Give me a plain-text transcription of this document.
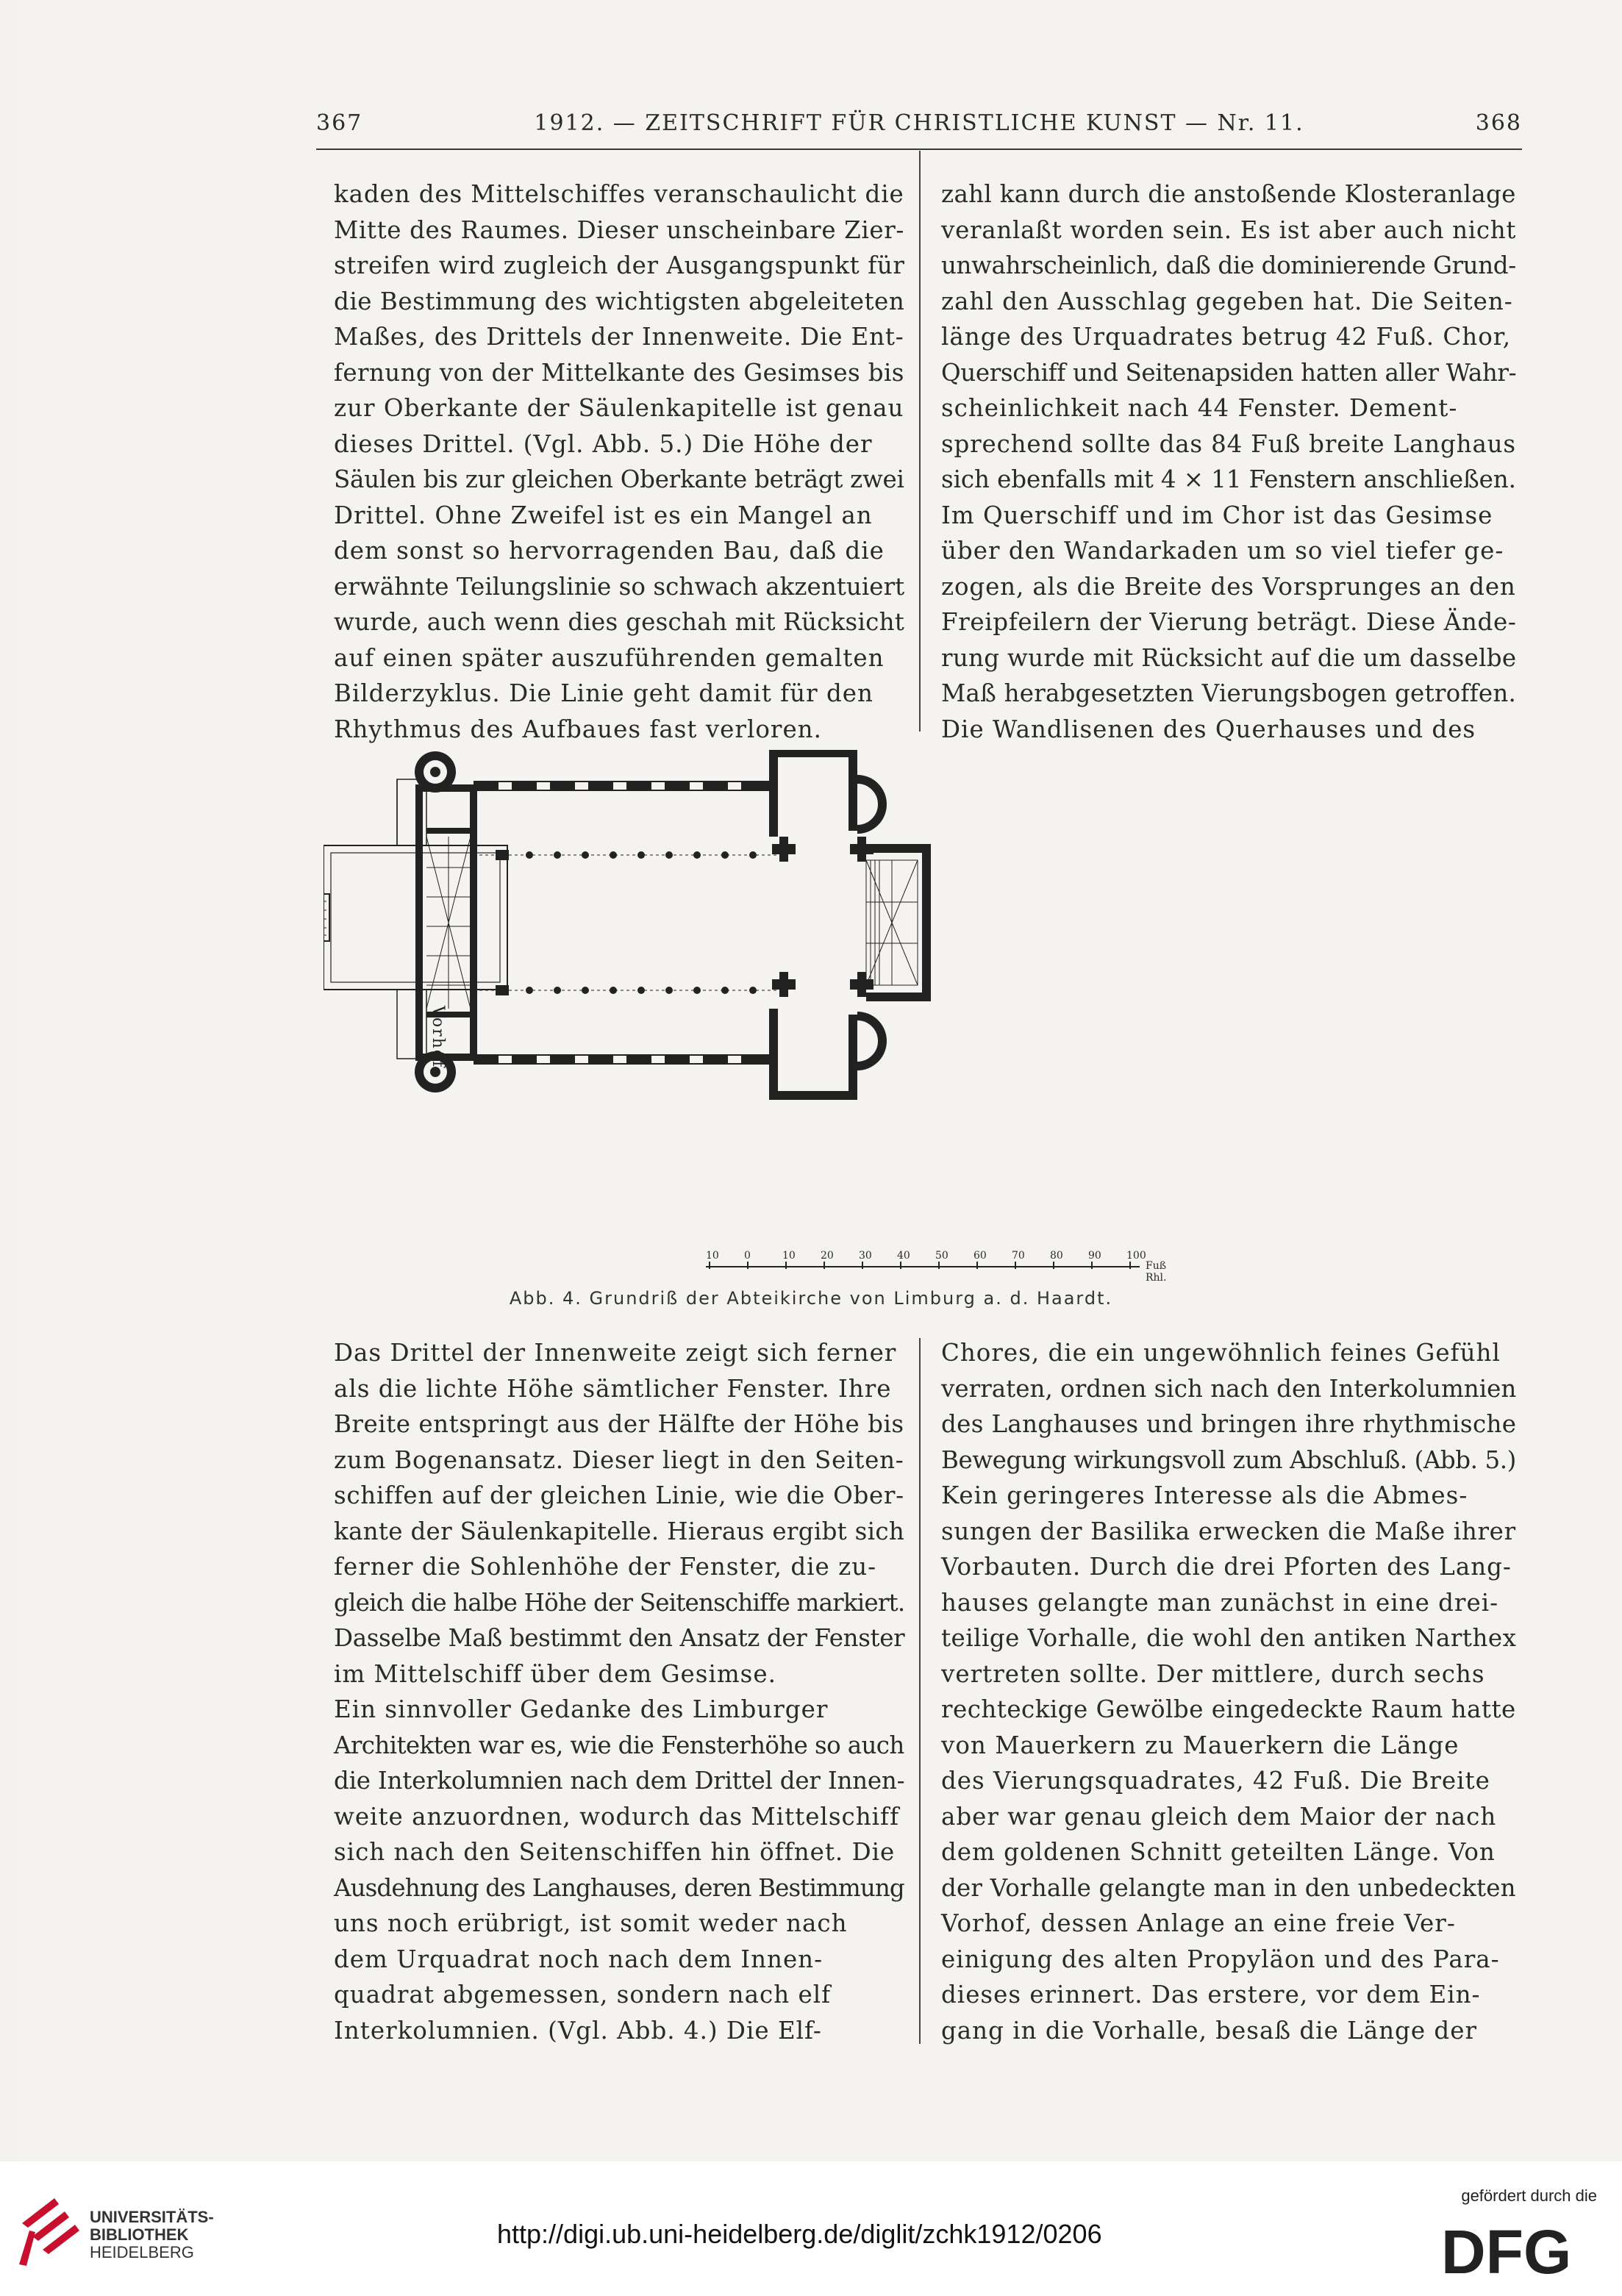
367	1912. — ZEITSCHRIFT FÜR CHRISTLICHE KUNST — Nr. 11.	368
kaden des Mittelschiffes veranschaulicht die
Mitte des Raumes. Dieser unscheinbare Zier-
streifen wird zugleich der Ausgangspunkt für
die Bestimmung des wichtigsten abgeleiteten
Maßes, des Drittels der Innenweite. Die Ent-
fernung von der Mittelkante des Gesimses bis
zur Oberkante der Säulenkapitelle ist genau
dieses Drittel. (Vgl. Abb. 5.) Die Höhe der
Säulen bis zur gleichen Oberkante beträgt zwei
Drittel. Ohne Zweifel ist es ein Mangel an
dem sonst so hervorragenden Bau, daß die
erwähnte Teilungslinie so schwach akzentuiert
wurde, auch wenn dies geschah mit Rücksicht
auf einen später auszuführenden gemalten
Bilderzyklus. Die Linie geht damit für den
Rhythmus des Aufbaues fast verloren.
zahl kann durch die anstoßende Klosteranlage
veranlaßt worden sein. Es ist aber auch nicht
unwahrscheinlich, daß die dominierende Grund-
zahl den Ausschlag gegeben hat. Die Seiten-
länge des Urquadrates betrug 42 Fuß. Chor,
Querschiff und Seitenapsiden hatten aller Wahr-
scheinlichkeit nach 44 Fenster. Dement-
sprechend sollte das 84 Fuß breite Langhaus
sich ebenfalls mit 4 × 11 Fenstern anschließen.
Im Querschiff und im Chor ist das Gesimse
über den Wandarkaden um so viel tiefer ge-
zogen, als die Breite des Vorsprunges an den
Freipfeilern der Vierung beträgt. Diese Ände-
rung wurde mit Rücksicht auf die um dasselbe
Maß herabgesetzten Vierungsbogen getroffen.
Die Wandlisenen des Querhauses und des
Vorhof.
10 0	10 20 30 40 50 60 70 80 90 100
Fuß Rhl.
Abb. 4. Grundriß der Abteikirche von Limburg a. d. Haardt.
Das Drittel der Innenweite zeigt sich ferner
als die lichte Höhe sämtlicher Fenster. Ihre
Breite entspringt aus der Hälfte der Höhe bis
zum Bogenansatz. Dieser liegt in den Seiten-
schiffen auf der gleichen Linie, wie die Ober-
kante der Säulenkapitelle. Hieraus ergibt sich
ferner die Sohlenhöhe der Fenster, die zu-
gleich die halbe Höhe der Seitenschiffe markiert.
Dasselbe Maß bestimmt den Ansatz der Fenster
im Mittelschiff über dem Gesimse.
Ein sinnvoller Gedanke des Limburger
Architekten war es, wie die Fensterhöhe so auch
die Interkolumnien nach dem Drittel der Innen-
weite anzuordnen, wodurch das Mittelschiff
sich nach den Seitenschiffen hin öffnet. Die
Ausdehnung des Langhauses, deren Bestimmung
uns noch erübrigt, ist somit weder nach
dem Urquadrat noch nach dem Innen-
quadrat abgemessen, sondern nach elf
Interkolumnien. (Vgl. Abb. 4.) Die Elf-
Chores, die ein ungewöhnlich feines Gefühl
verraten, ordnen sich nach den Interkolumnien
des Langhauses und bringen ihre rhythmische
Bewegung wirkungsvoll zum Abschluß. (Abb. 5.)
Kein geringeres Interesse als die Abmes-
sungen der Basilika erwecken die Maße ihrer
Vorbauten. Durch die drei Pforten des Lang-
hauses gelangte man zunächst in eine drei-
teilige Vorhalle, die wohl den antiken Narthex
vertreten sollte. Der mittlere, durch sechs
rechteckige Gewölbe eingedeckte Raum hatte
von Mauerkern zu Mauerkern die Länge
des Vierungsquadrates, 42 Fuß. Die Breite
aber war genau gleich dem Maior der nach
dem goldenen Schnitt geteilten Länge. Von
der Vorhalle gelangte man in den unbedeckten
Vorhof, dessen Anlage an eine freie Ver-
einigung des alten Propyläon und des Para-
dieses erinnert. Das erstere, vor dem Ein-
gang in die Vorhalle, besaß die Länge der
UNIVERSITÄTS-
BIBLIOTHEK
HEIDELBERG
http://digi.ub.uni-heidelberg.de/diglit/zchk1912/0206
gefördert durch die
DFG
